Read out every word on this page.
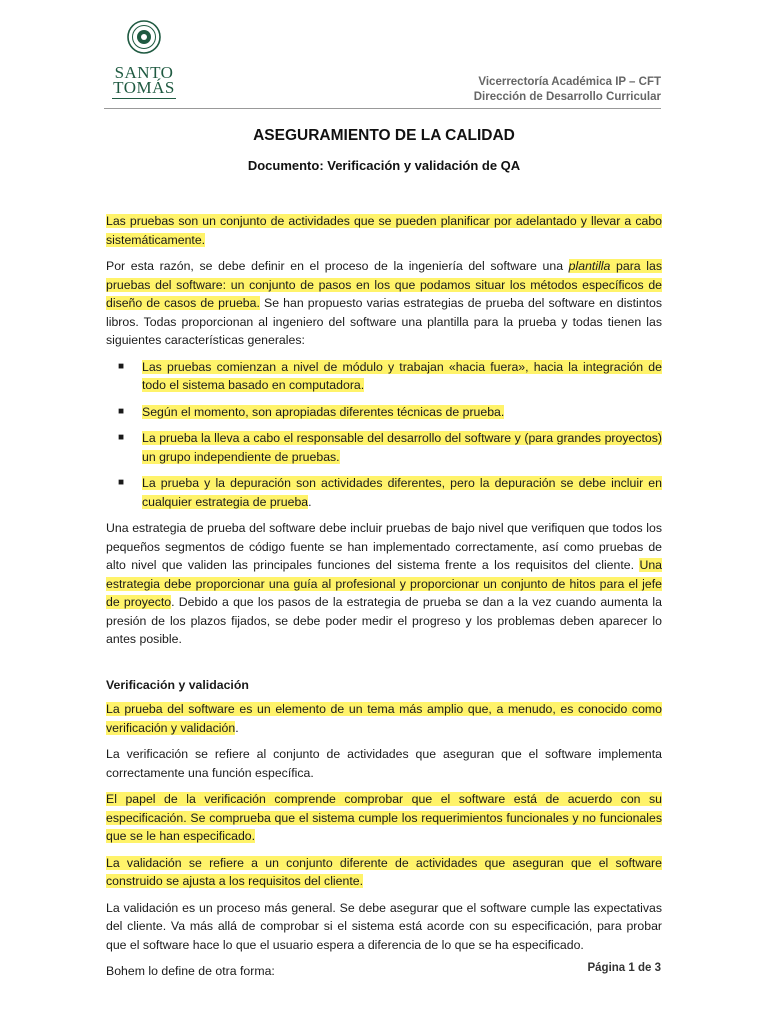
SANTO
TOMÁS	Vicerrectoría Académica IP – CFT
Dirección de Desarrollo Curricular
ASEGURAMIENTO DE LA CALIDAD
Documento: Verificación y validación de QA

Las pruebas son un conjunto de actividades que se pueden planificar por adelantado y llevar a cabo sistemáticamente.

Por esta razón, se debe definir en el proceso de la ingeniería del software una plantilla para las pruebas del software: un conjunto de pasos en los que podamos situar los métodos específicos de diseño de casos de prueba. Se han propuesto varias estrategias de prueba del software en distintos libros. Todas proporcionan al ingeniero del software una plantilla para la prueba y todas tienen las siguientes características generales:

■ Las pruebas comienzan a nivel de módulo y trabajan «hacia fuera», hacia la integración de todo el sistema basado en computadora.
■ Según el momento, son apropiadas diferentes técnicas de prueba.
■ La prueba la lleva a cabo el responsable del desarrollo del software y (para grandes proyectos) un grupo independiente de pruebas.
■ La prueba y la depuración son actividades diferentes, pero la depuración se debe incluir en cualquier estrategia de prueba.

Una estrategia de prueba del software debe incluir pruebas de bajo nivel que verifiquen que todos los pequeños segmentos de código fuente se han implementado correctamente, así como pruebas de alto nivel que validen las principales funciones del sistema frente a los requisitos del cliente. Una estrategia debe proporcionar una guía al profesional y proporcionar un conjunto de hitos para el jefe de proyecto. Debido a que los pasos de la estrategia de prueba se dan a la vez cuando aumenta la presión de los plazos fijados, se debe poder medir el progreso y los problemas deben aparecer lo antes posible.

Verificación y validación

La prueba del software es un elemento de un tema más amplio que, a menudo, es conocido como verificación y validación.

La verificación se refiere al conjunto de actividades que aseguran que el software implementa correctamente una función específica.

El papel de la verificación comprende comprobar que el software está de acuerdo con su especificación. Se comprueba que el sistema cumple los requerimientos funcionales y no funcionales que se le han especificado.

La validación se refiere a un conjunto diferente de actividades que aseguran que el software construido se ajusta a los requisitos del cliente.

La validación es un proceso más general. Se debe asegurar que el software cumple las expectativas del cliente. Va más allá de comprobar si el sistema está acorde con su especificación, para probar que el software hace lo que el usuario espera a diferencia de lo que se ha especificado.

Bohem lo define de otra forma:	Página 1 de 3
